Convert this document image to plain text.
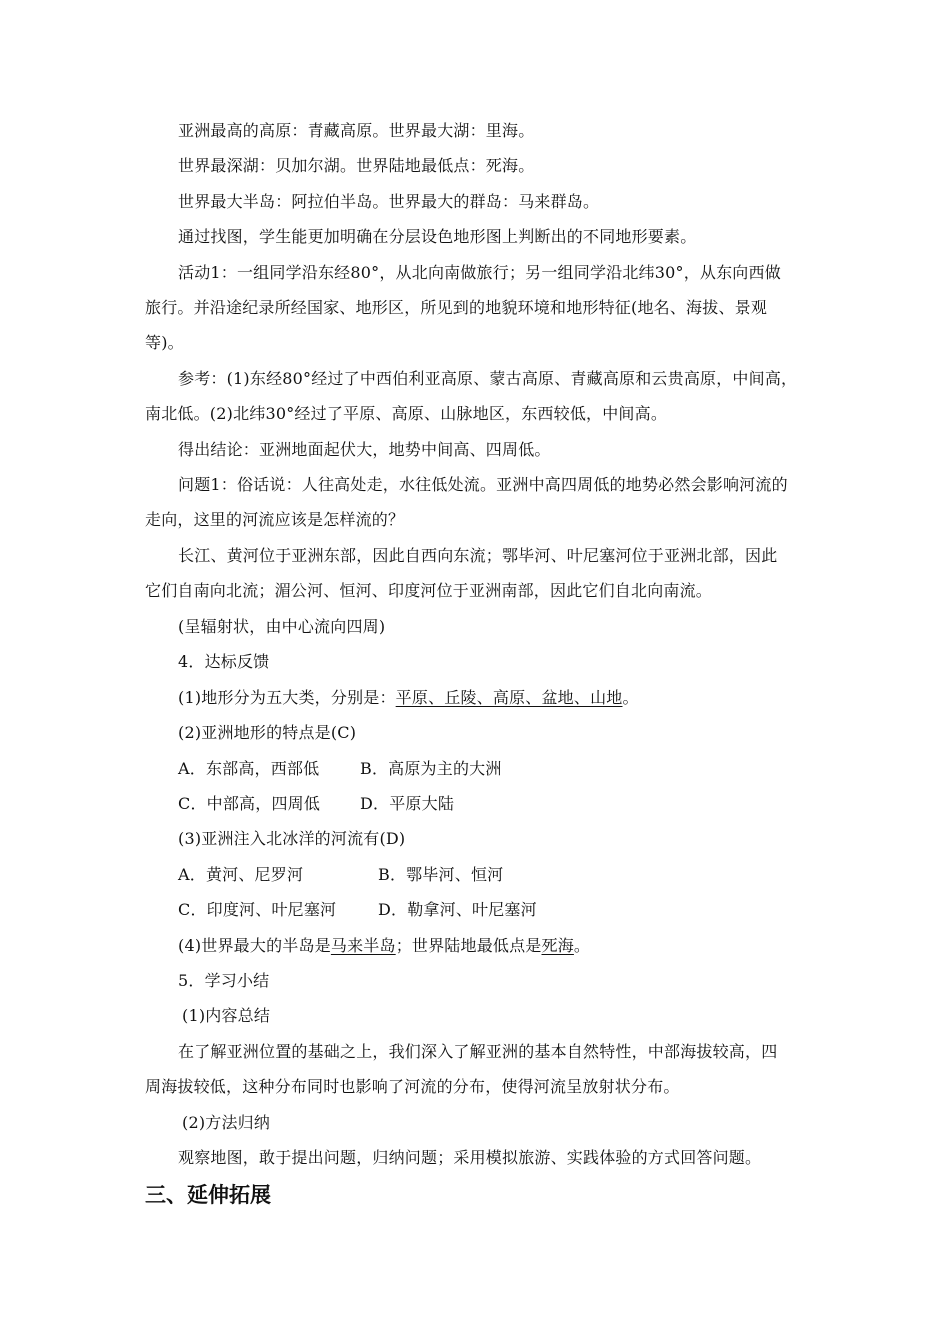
亚洲最高的高原：青藏高原。世界最大湖：里海。
世界最深湖：贝加尔湖。世界陆地最低点：死海。
世界最大半岛：阿拉伯半岛。世界最大的群岛：马来群岛。
通过找图，学生能更加明确在分层设色地形图上判断出的不同地形要素。
活动1：一组同学沿东经80°，从北向南做旅行；另一组同学沿北纬30°，从东向西做
旅行。并沿途纪录所经国家、地形区，所见到的地貌环境和地形特征(地名、海拔、景观
等)。
参考：(1)东经80°经过了中西伯利亚高原、蒙古高原、青藏高原和云贵高原，中间高，
南北低。(2)北纬30°经过了平原、高原、山脉地区，东西较低，中间高。
得出结论：亚洲地面起伏大，地势中间高、四周低。
问题1：俗话说：人往高处走，水往低处流。亚洲中高四周低的地势必然会影响河流的
走向，这里的河流应该是怎样流的？
长江、黄河位于亚洲东部，因此自西向东流；鄂毕河、叶尼塞河位于亚洲北部，因此
它们自南向北流；湄公河、恒河、印度河位于亚洲南部，因此它们自北向南流。
(呈辐射状，由中心流向四周)
4．达标反馈
(1)地形分为五大类，分别是：平原、丘陵、高原、盆地、山地。
(2)亚洲地形的特点是(C)
A．东部高，西部低	B．高原为主的大洲
C．中部高，四周低 D．平原大陆
(3)亚洲注入北冰洋的河流有(D)
A．黄河、尼罗河	B．鄂毕河、恒河
C．印度河、叶尼塞河	D．勒拿河、叶尼塞河
(4)世界最大的半岛是马来半岛；世界陆地最低点是死海。
5．学习小结
(1)内容总结
在了解亚洲位置的基础之上，我们深入了解亚洲的基本自然特性，中部海拔较高，四
周海拔较低，这种分布同时也影响了河流的分布，使得河流呈放射状分布。
(2)方法归纳
观察地图，敢于提出问题，归纳问题；采用模拟旅游、实践体验的方式回答问题。
三、延伸拓展
